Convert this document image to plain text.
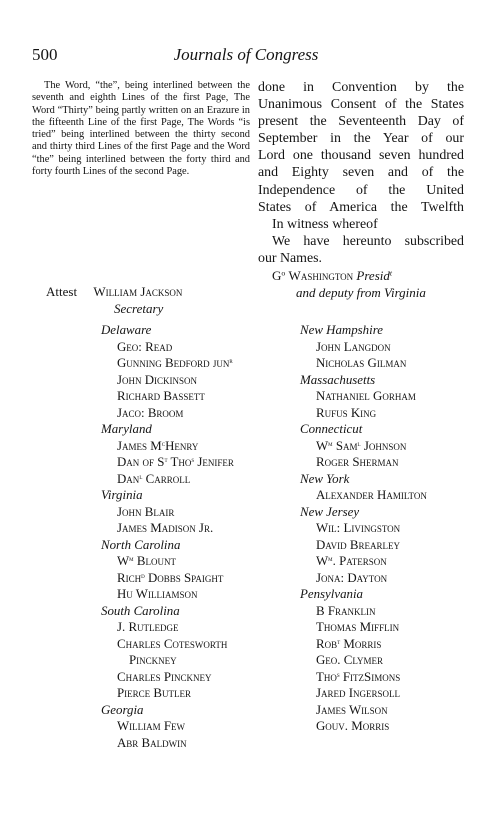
500	Journals of Congress

The Word, “the”, being interlined between the seventh and eighth Lines of the first Page, The Word “Thirty” being partly written on an Erazure in the fifteenth Line of the first Page, The Words “is tried” being interlined between the thirty second and thirty third Lines of the first Page and the Word “the” being interlined between the forty third and forty fourth Lines of the second Page.

done in Convention by the
Unanimous Consent of the States
present the Seventeenth Day of
September in the Year of our
Lord one thousand seven hundred
and Eighty seven and of the
Independence of the United
States of America the Twelfth
In witness whereof
We have hereunto subscribed
our Names.
$G^o$ Washington Presid$^t$
and deputy from Virginia
Attest William Jackson
Secretary
Delaware
Geo: Read
Gunning Bedford jun$^r$
John Dickinson
Richard Bassett
Jaco: Broom
Maryland
James $M^cHenry$
Dan of $S^t$ Tho$^s$ Jenifer
Dan$^l$ Carroll
Virginia
John Blair
James Madison Jr.
North Carolina
$W^m$ Blount
Rich$^d$ Dobbs Spaight
Hu Williamson
South Carolina
J. Rutledge
Charles Cotesworth
Pinckney
Charles Pinckney
Pierce Butler
Georgia
William Few
Abr Baldwin
New Hampshire
John Langdon
Nicholas Gilman
Massachusetts
Nathaniel Gorham
Rufus King
Connecticut
$W^m$ Sam$^l$ Johnson
Roger Sherman
New York
Alexander Hamilton
New Jersey
Wil: Livingston
David Brearley
$W^m$. Paterson
Jona: Dayton
Pensylvania
B Franklin
Thomas Mifflin
Rob$^t$ Morris
Geo. Clymer
Tho$^s$ FitzSimons
Jared Ingersoll
James Wilson
Gouv. Morris
